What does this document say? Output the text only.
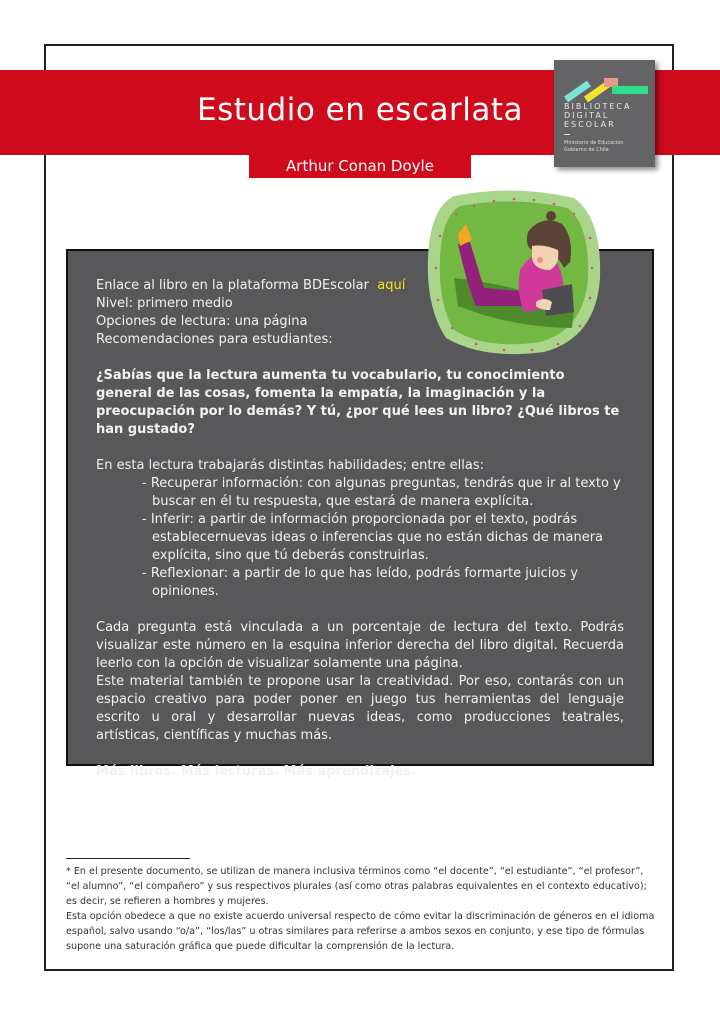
Estudio en escarlata
Arthur Conan Doyle
BIBLIOTECA
DIGITAL
ESCOLAR
Ministerio de Educación
Gobierno de Chile

Enlace al libro en la plataforma BDEscolar aquí

Nivel: primero medio

Opciones de lectura: una página

Recomendaciones para estudiantes:

¿Sabías que la lectura aumenta tu vocabulario, tu conocimiento general de las cosas, fomenta la empatía, la imaginación y la preocupación por lo demás? Y tú, ¿por qué lees un libro? ¿Qué libros te han gustado?

En esta lectura trabajarás distintas habilidades; entre ellas:

- Recuperar información: con algunas preguntas, tendrás que ir al texto y buscar en él tu respuesta, que estará de manera explícita.
- Inferir: a partir de información proporcionada por el texto, podrás establecernuevas ideas o inferencias que no están dichas de manera explícita, sino que tú deberás construirlas.
- Reflexionar: a partir de lo que has leído, podrás formarte juicios y opiniones.

Cada pregunta está vinculada a un porcentaje de lectura del texto. Podrás visualizar este número en la esquina inferior derecha del libro digital. Recuerda leerlo con la opción de visualizar solamente una página.

Este material también te propone usar la creatividad. Por eso, contarás con un espacio creativo para poder poner en juego tus herramientas del lenguaje escrito u oral y desarrollar nuevas ideas, como producciones teatrales, artísticas, científicas y muchas más.

Más libros. Más lecturas. Más aprendizajes.

* En el presente documento, se utilizan de manera inclusiva términos como “el docente”, “el estudiante”, “el profesor”, “el alumno”, “el compañero” y sus respectivos plurales (así como otras palabras equivalentes en el contexto educativo); es decir, se refieren a hombres y mujeres.

Esta opción obedece a que no existe acuerdo universal respecto de cómo evitar la discriminación de géneros en el idioma español, salvo usando “o/a”, “los/las” u otras similares para referirse a ambos sexos en conjunto, y ese tipo de fórmulas supone una saturación gráfica que puede dificultar la comprensión de la lectura.
